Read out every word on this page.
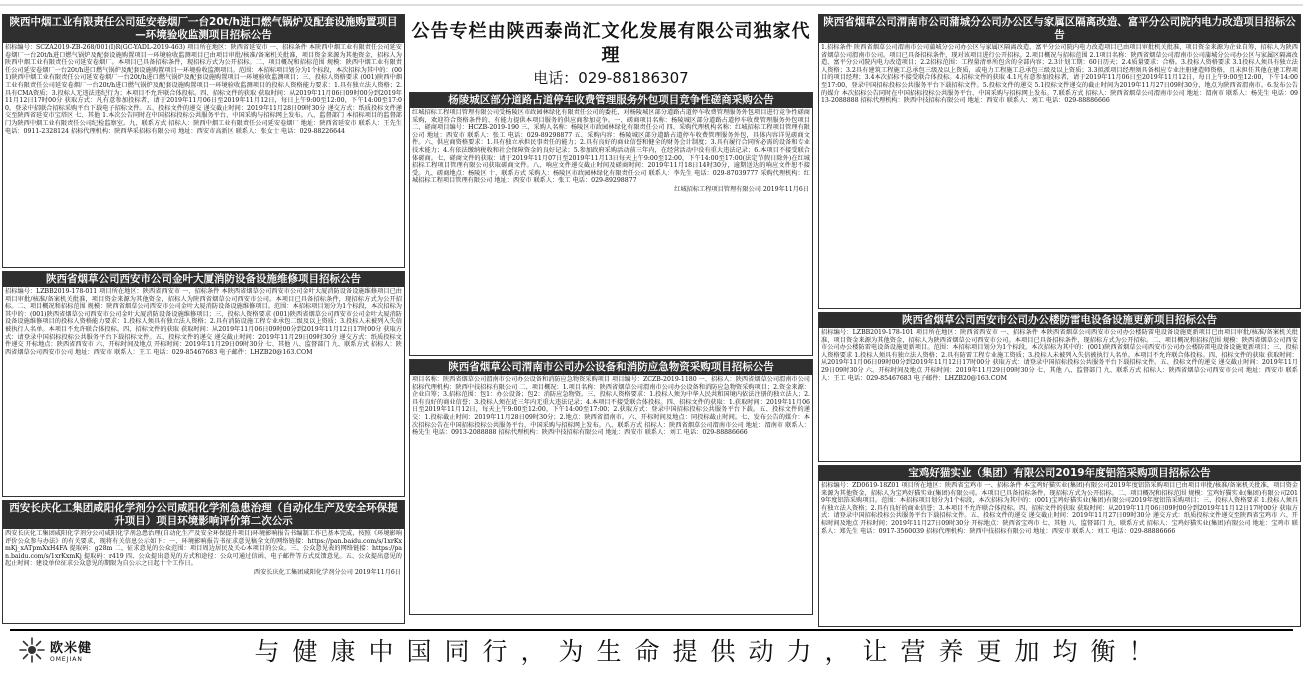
陕西中烟工业有限责任公司延安卷烟厂一台20t/h进口燃气锅炉及配套设施购置项目—环境验收监测项目招标公告
招标编号：SCZA2019-ZB-268/001(I)R(GC-YADL-2019-463) 项目所在地区：陕西省延安市 一、招标条件 本陕西中烟工业有限责任公司延安卷烟厂一台20t/h进口燃气锅炉及配套设施购置项目一环境验收监测项目已由项目审批/核准/备案机关批准，项目资金来源为其他资金，招标人为陕西中烟工业有限责任公司延安卷烟厂。本项目已具备招标条件，现招标方式为公开招标。二、项目概况和招标范围 规模：陕西中烟工业有限责任公司延安卷烟厂一台20t/h进口燃气锅炉及配套设施购置项目一环境验收监测项目。范围：本招标项目划分为1个标段，本次招标为其中的：(001)陕西中烟工业有限责任公司延安卷烟厂一台20t/h进口燃气锅炉及配套设施购置项目一环境验收监测项目；三、投标人资格要求 (001)陕西中烟工业有限责任公司延安卷烟厂一台20t/h进口燃气锅炉及配套设施购置项目一环境验收监测项目的投标人资格能力要求：1.具有独立法人资格；2.具有CMA资质；3.投标人无违法违纪行为；本项目不允许联合体投标。四、招标文件的获取 获取时间：从2019年11月06日09时00分到2019年11月12日17时00分 获取方式：凡有意参加投标者，请于2019年11月06日至2019年11月12日，每日上午9:00至12:00，下午14:00至17:00，登录中招联合招标采购平台下载电子招标文件。五、投标文件的递交 递交截止时间：2019年11月28日09时30分 递交方式：纸质投标文件递交至陕西省延安市宝塔区 七、其他 1.本次公告同时在中国招标投标公共服务平台、中国采购与招标网上发布。八、监督部门 本招标项目的监督部门为陕西中烟工业有限责任公司纪检监察室。九、联系方式 招标人：陕西中烟工业有限责任公司延安卷烟厂 地址：陕西省延安市 联系人：王先生 电话：0911-2328124 招标代理机构：陕西华采招标有限公司 地址：西安市高新区 联系人：张女士 电话：029-88226644
陕西省烟草公司西安市公司金叶大厦消防设备设施维修项目招标公告
招标编号：LZBB2019-178-011 项目所在地区：陕西省西安市 一、招标条件 本陕西省烟草公司西安市公司金叶大厦消防设备设施维修项目已由项目审批/核准/备案机关批准，项目资金来源为其他资金，招标人为陕西省烟草公司西安市公司。本项目已具备招标条件，现招标方式为公开招标。二、项目概况和招标范围 规模：陕西省烟草公司西安市公司金叶大厦消防设备设施维修项目。范围：本招标项目划分为1个标段，本次招标为其中的：(001)陕西省烟草公司西安市公司金叶大厦消防设备设施维修项目；三、投标人资格要求 (001)陕西省烟草公司西安市公司金叶大厦消防设备设施维修项目的投标人资格能力要求：1.投标人须具有独立法人资格；2.具有消防设施工程专业承包二级及以上资质；3.投标人未被列入失信被执行人名单。本项目不允许联合体投标。四、招标文件的获取 获取时间：从2019年11月06日09时00分到2019年11月12日17时00分 获取方式：请登录中国招标投标公共服务平台下载招标文件。五、投标文件的递交 递交截止时间：2019年11月29日09时30分 递交方式：纸质投标文件递交 开标地点：陕西省西安市 六、开标时间及地点 开标时间：2019年11月29日09时30分 七、其他 八、监督部门 九、联系方式 招标人：陕西省烟草公司西安市公司 地址：西安市 联系人：王工 电话：029-85467683 电子邮件：LHZB20@163.COM
西安长庆化工集团咸阳化学剂分公司咸阳化学剂急患治理（自动化生产及安全环保提升项目）项目环境影响评价第二次公示
西安长庆化工集团咸阳化学剂分公司咸阳化学剂急患治理(自动化生产及安全环保提升项目)环境影响报告书编制工作已基本完成，按照《环境影响评价公众参与办法》的有关要求，现将有关信息公示如下：一、环境影响报告书征求意见稿全文的网络链接：https://pan.baidu.com/s/1xrKxmKj_xATpmXxH4FA 提取码：g28m 二、征求意见的公众范围：项目周边居民及关心本项目的公众。三、公众意见表的网络链接：https://pan.baidu.com/s/1xrKxmKj 提取码：r419 四、公众提出意见的方式和途径：公众可通过信函、电子邮件等方式反馈意见。五、公众提出意见的起止时间：建设单位征求公众意见的期限为自公示之日起十个工作日。
西安长庆化工集团咸阳化学剂分公司 2019年11月6日
公告专栏由陕西泰尚汇文化发展有限公司独家代理
电话：029-88186307
杨陵城区部分道路占道停车收费管理服务外包项目竞争性磋商采购公告
红城招标工程项目管理有限公司受杨陵区市政园林绿化有限责任公司的委托，对杨陵城区部分道路占道停车收费管理服务外包项目进行竞争性磋商采购，欢迎符合资格条件的、有能力提供本项目服务的供应商参加竞争。一、磋商项目名称：杨陵城区部分道路占道停车收费管理服务外包项目 二、磋商项目编号：HCZB-2019-190 三、采购人名称：杨陵区市政园林绿化有限责任公司 四、采购代理机构名称：红城招标工程项目管理有限公司 地址：西安市 联系人：张工 电话：029-89298877 五、采购内容：杨陵城区部分道路占道停车收费管理服务外包，具体内容详见磋商文件。六、供应商资格要求：1.具有独立承担民事责任的能力；2.具有良好的商业信誉和健全的财务会计制度；3.具有履行合同所必需的设备和专业技术能力；4.有依法缴纳税收和社会保障资金的良好记录；5.参加政府采购活动前三年内，在经营活动中没有重大违法记录；6.本项目不接受联合体磋商。七、磋商文件的获取：请于2019年11月07日至2019年11月13日每天上午9:00至12:00，下午14:00至17:00(法定节假日除外)在红城招标工程项目管理有限公司获取磋商文件。八、响应文件递交截止时间及磋商时间：2019年11月18日14时30分，逾期送达的响应文件恕不接受。九、磋商地点：杨陵区 十、联系方式 采购人：杨陵区市政园林绿化有限责任公司 联系人：李先生 电话：029-87039777 采购代理机构：红城招标工程项目管理有限公司 地址：西安市 联系人：张工 电话：029-89298877
红城招标工程项目管理有限公司 2019年11月6日
陕西省烟草公司渭南市公司办公设备和消防应急物资采购项目招标公告
项目名称：陕西省烟草公司渭南市公司办公设备和消防应急物资采购项目 项目编号：ZCZB-2019-1180 一、招标人：陕西省烟草公司渭南市公司 招标代理机构：陕西中技招标有限公司 二、项目概况：1.项目名称：陕西省烟草公司渭南市公司办公设备和消防应急物资采购项目；2.资金来源：企业自筹；3.招标范围：包1：办公设备；包2：消防应急物资。三、投标人资格要求：1.投标人须为中华人民共和国境内依法注册的独立法人；2.具有良好的商业信誉；3.投标人须在近三年内无重大违法记录；4.本项目不接受联合体投标。四、招标文件的获取：1.获取时间：2019年11月06日至2019年11月12日，每天上午9:00至12:00，下午14:00至17:00；2.获取方式：登录中国招标投标公共服务平台下载。五、投标文件的递交：1.投标截止时间：2019年11月28日09时30分；2.地点：陕西省渭南市。六、开标时间及地点：同投标截止时间。七、发布公告的媒介：本次招标公告在中国招标投标公共服务平台、中国采购与招标网上发布。八、联系方式 招标人：陕西省烟草公司渭南市公司 地址：渭南市 联系人：杨先生 电话：0913-2088888 招标代理机构：陕西中技招标有限公司 地址：西安市 联系人：刘工 电话：029-88886666
陕西省烟草公司渭南市公司蒲城分公司办公区与家属区隔离改造、富平分公司院内电力改造项目招标公告
1.招标条件 陕西省烟草公司渭南市公司蒲城分公司办公区与家属区隔离改造、富平分公司院内电力改造项目已由项目审批机关批准，项目资金来源为企业自筹，招标人为陕西省烟草公司渭南市公司。项目已具备招标条件，现对该项目进行公开招标。2.项目概况与招标范围 2.1项目名称：陕西省烟草公司渭南市公司蒲城分公司办公区与家属区隔离改造、富平分公司院内电力改造项目；2.2招标范围：工程量清单所包含的全部内容；2.3计划工期：60日历天；2.4质量要求：合格。3.投标人资格要求 3.1投标人须具有独立法人资格；3.2具有建筑工程施工总承包三级及以上资质，或电力工程施工总承包三级及以上资质；3.3拟派项目经理须具备相应专业注册建造师资格，且未担任其他在建工程项目的项目经理；3.4本次招标不接受联合体投标。4.招标文件的获取 4.1凡有意参加投标者，请于2019年11月06日至2019年11月12日，每日上午9:00至12:00，下午14:00至17:00，登录中国招标投标公共服务平台下载招标文件。5.投标文件的递交 5.1投标文件递交的截止时间为2019年11月27日09时30分，地点为陕西省渭南市。6.发布公告的媒介 本次招标公告同时在中国招标投标公共服务平台、中国采购与招标网上发布。7.联系方式 招标人：陕西省烟草公司渭南市公司 地址：渭南市 联系人：杨先生 电话：0913-2088888 招标代理机构：陕西中技招标有限公司 地址：西安市 联系人：刘工 电话：029-88886666
陕西省烟草公司西安市公司办公楼防雷电设备设施更新项目招标公告
招标编号：LZBB2019-178-101 项目所在地区：陕西省西安市 一、招标条件 本陕西省烟草公司西安市公司办公楼防雷电设备设施更新项目已由项目审批/核准/备案机关批准，项目资金来源为其他资金，招标人为陕西省烟草公司西安市公司。本项目已具备招标条件，现招标方式为公开招标。二、项目概况和招标范围 规模：陕西省烟草公司西安市公司办公楼防雷电设备设施更新项目。范围：本招标项目划分为1个标段，本次招标为其中的：(001)陕西省烟草公司西安市公司办公楼防雷电设备设施更新项目；三、投标人资格要求 1.投标人须具有独立法人资格；2.具有防雷工程专业施工资质；3.投标人未被列入失信被执行人名单。本项目不允许联合体投标。四、招标文件的获取 获取时间：从2019年11月06日09时00分到2019年11月12日17时00分 获取方式：请登录中国招标投标公共服务平台下载招标文件。五、投标文件的递交 递交截止时间：2019年11月29日09时30分 六、开标时间及地点 开标时间：2019年11月29日09时30分 七、其他 八、监督部门 九、联系方式 招标人：陕西省烟草公司西安市公司 地址：西安市 联系人：王工 电话：029-85467683 电子邮件：LHZB20@163.COM
宝鸡好猫实业（集团）有限公司2019年度铝箔采购项目招标公告
招标编号：ZD0619-18Z01 项目所在地区：陕西省宝鸡市 一、招标条件 本宝鸡好猫实业(集团)有限公司2019年度铝箔采购项目已由项目审批/核准/备案机关批准，项目资金来源为其他资金，招标人为宝鸡好猫实业(集团)有限公司。本项目已具备招标条件，现招标方式为公开招标。二、项目概况和招标范围 规模：宝鸡好猫实业(集团)有限公司2019年度铝箔采购项目。范围：本招标项目划分为1个标段，本次招标为其中的：(001)宝鸡好猫实业(集团)有限公司2019年度铝箔采购项目；三、投标人资格要求 1.投标人须具有独立法人资格；2.具有良好的商业信誉；3.本项目不允许联合体投标。四、招标文件的获取 获取时间：从2019年11月06日09时00分到2019年11月12日17时00分 获取方式：请登录中国招标投标公共服务平台下载招标文件。五、投标文件的递交 递交截止时间：2019年11月27日09时30分 递交方式：纸质投标文件递交至陕西省宝鸡市 六、开标时间及地点 开标时间：2019年11月27日09时30分 开标地点：陕西省宝鸡市 七、其他 八、监督部门 九、联系方式 招标人：宝鸡好猫实业(集团)有限公司 地址：宝鸡市 联系人：郑先生 电话：0917-3560039 招标代理机构：陕西中技招标有限公司 地址：西安市 联系人：刘工 电话：029-88886666
欧米健
OMEJIAN	与健康中国同行，为生命提供动力，让营养更加均衡！
